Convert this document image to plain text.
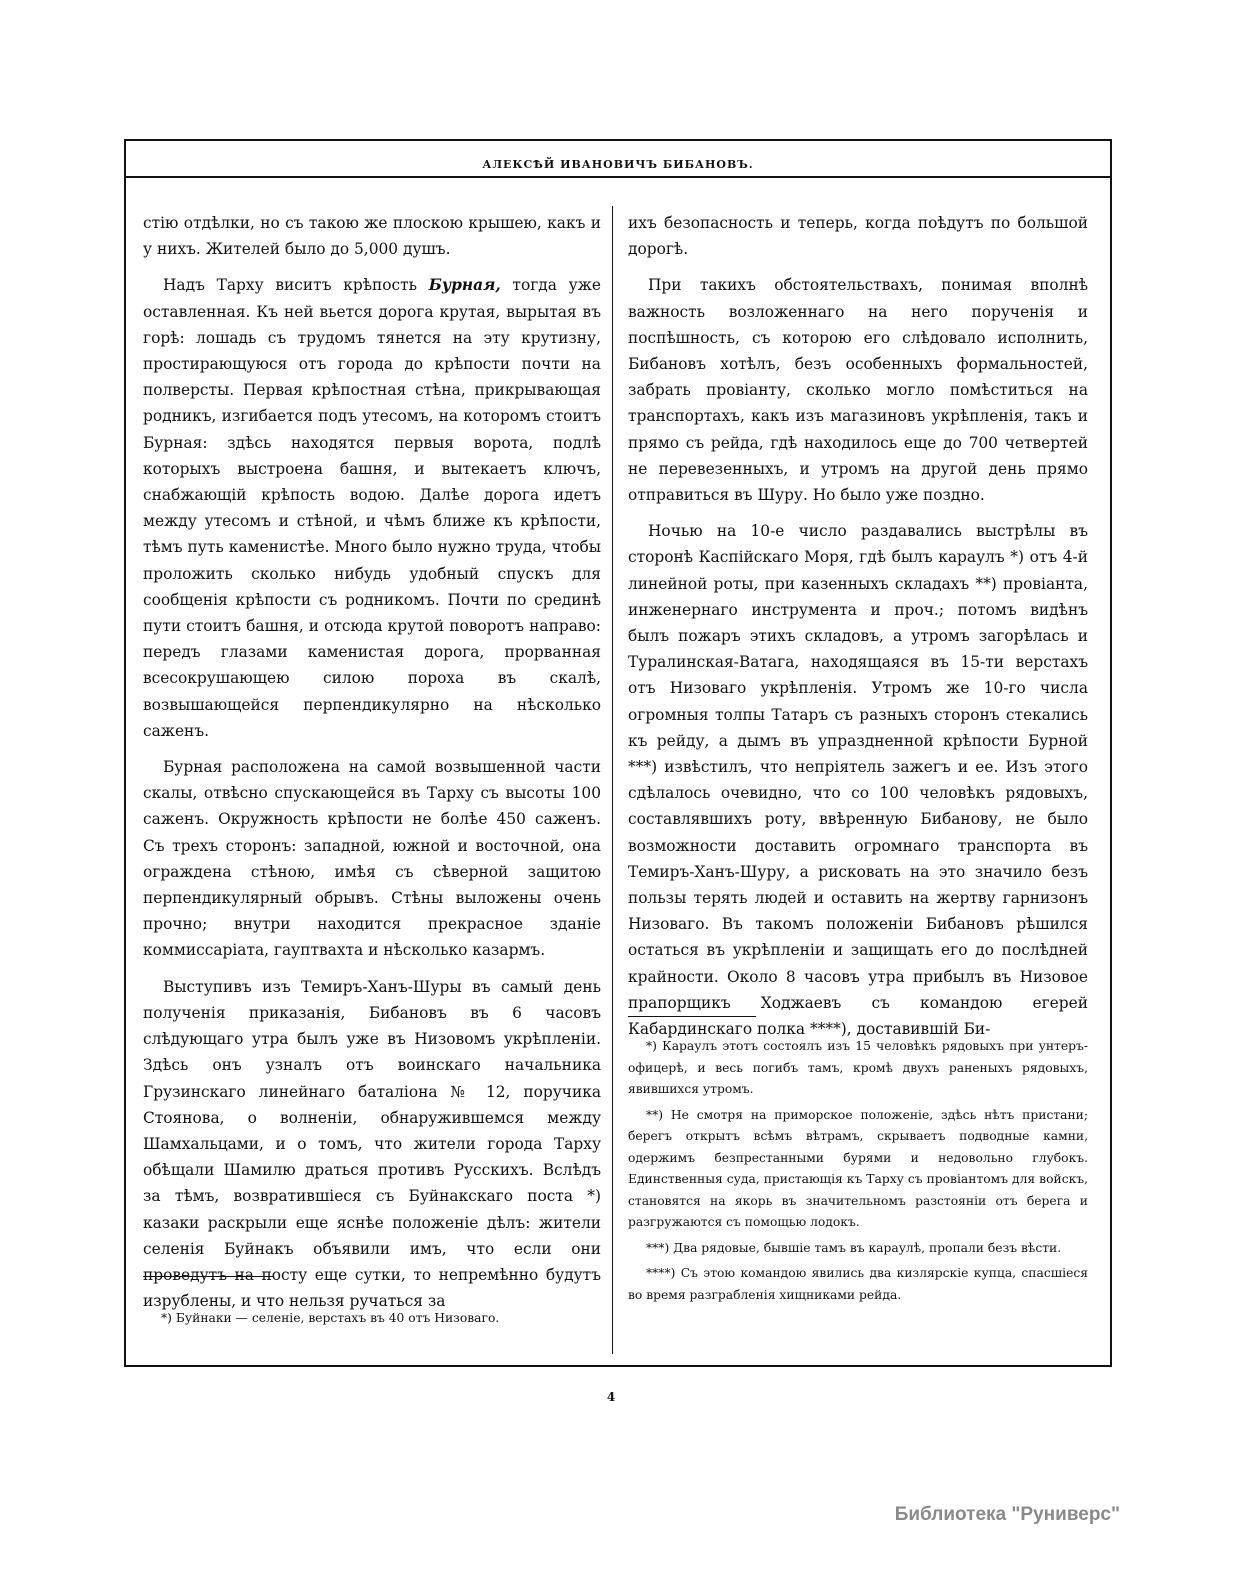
АЛЕКСѢЙ ИВАНОВИЧЪ БИБАНОВЪ.

стію отдѣлки, но съ такою же плоскою крышею, какъ и у нихъ. Жителей было до 5,000 душъ.

Надъ Тарху виситъ крѣпость Бурная, тогда уже оставленная. Къ ней вьется дорога крутая, вырытая въ горѣ: лошадь съ трудомъ тянется на эту крутизну, простирающуюся отъ города до крѣпости почти на полверсты. Первая крѣпостная стѣна, прикрывающая родникъ, изгибается подъ утесомъ, на которомъ стоитъ Бурная: здѣсь находятся первыя ворота, подлѣ которыхъ выстроена башня, и вытекаетъ ключъ, снабжающій крѣпость водою. Далѣе дорога идетъ между утесомъ и стѣной, и чѣмъ ближе къ крѣпости, тѣмъ путь каменистѣе. Много было нужно труда, чтобы проложить сколько нибудь удобный спускъ для сообщенія крѣпости съ родникомъ. Почти по срединѣ пути стоитъ башня, и отсюда крутой поворотъ направо: передъ глазами каменистая дорога, прорванная всесокрушающею силою пороха въ скалѣ, возвышающейся перпендикулярно на нѣсколько саженъ.

Бурная расположена на самой возвышенной части скалы, отвѣсно спускающейся въ Тарху съ высоты 100 саженъ. Окружность крѣпости не болѣе 450 саженъ. Съ трехъ сторонъ: западной, южной и восточной, она ограждена стѣною, имѣя съ сѣверной защитою перпендикулярный обрывъ. Стѣны выложены очень прочно; внутри находится прекрасное зданіе коммиссаріата, гауптвахта и нѣсколько казармъ.

Выступивъ изъ Темиръ-Ханъ-Шуры въ самый день полученія приказанія, Бибановъ въ 6 часовъ слѣдующаго утра былъ уже въ Низовомъ укрѣпленіи. Здѣсь онъ узналъ отъ воинскаго начальника Грузинскаго линейнаго баталіона № 12, поручика Стоянова, о волненіи, обнаружившемся между Шамхальцами, и о томъ, что жители города Тарху обѣщали Шамилю драться противъ Русскихъ. Вслѣдъ за тѣмъ, возвратившіеся съ Буйнакскаго поста *) казаки раскрыли еще яснѣе положеніе дѣлъ: жители селенія Буйнакъ объявили имъ, что если они проведутъ на посту еще сутки, то непремѣнно будутъ изрублены, и что нельзя ручаться за

ихъ безопасность и теперь, когда поѣдутъ по большой дорогѣ.

При такихъ обстоятельствахъ, понимая вполнѣ важность возложеннаго на него порученія и поспѣшность, съ которою его слѣдовало исполнить, Бибановъ хотѣлъ, безъ особенныхъ формальностей, забрать провіанту, сколько могло помѣститься на транспортахъ, какъ изъ магазиновъ укрѣпленія, такъ и прямо съ рейда, гдѣ находилось еще до 700 четвертей не перевезенныхъ, и утромъ на другой день прямо отправиться въ Шуру. Но было уже поздно.

Ночью на 10-е число раздавались выстрѣлы въ сторонѣ Каспійскаго Моря, гдѣ былъ караулъ *) отъ 4-й линейной роты, при казенныхъ складахъ **) провіанта, инженернаго инструмента и проч.; потомъ видѣнъ былъ пожаръ этихъ складовъ, а утромъ загорѣлась и Туралинская-Ватага, находящаяся въ 15-ти верстахъ отъ Низоваго укрѣпленія. Утромъ же 10-го числа огромныя толпы Татаръ съ разныхъ сторонъ стекались къ рейду, а дымъ въ упраздненной крѣпости Бурной ***) извѣстилъ, что непріятель зажегъ и ее. Изъ этого сдѣлалось очевидно, что со 100 человѣкъ рядовыхъ, составлявшихъ роту, ввѣренную Бибанову, не было возможности доставить огромнаго транспорта въ Темиръ-Ханъ-Шуру, а рисковать на это значило безъ пользы терять людей и оставить на жертву гарнизонъ Низоваго. Въ такомъ положеніи Бибановъ рѣшился остаться въ укрѣпленіи и защищать его до послѣдней крайности. Около 8 часовъ утра прибылъ въ Низовое прапорщикъ Ходжаевъ съ командою егерей Кабардинскаго полка ****), доставившій Би-

*) Буйнаки — селеніе, верстахъ въ 40 отъ Низоваго.

*) Караулъ этотъ состоялъ изъ 15 человѣкъ рядовыхъ при унтеръ-офицерѣ, и весь погибъ тамъ, кромѣ двухъ раненыхъ рядовыхъ, явившихся утромъ.

**) Не смотря на приморское положеніе, здѣсь нѣтъ пристани; берегъ открытъ всѣмъ вѣтрамъ, скрываетъ подводные камни, одержимъ безпрестанными бурями и недовольно глубокъ. Единственныя суда, пристающія къ Тарху съ провіантомъ для войскъ, становятся на якорь въ значительномъ разстояніи отъ берега и разгружаются съ помощью лодокъ.

***) Два рядовые, бывшіе тамъ въ караулѣ, пропали безъ вѣсти.

****) Съ этою командою явились два кизлярскіе купца, спасшіеся во время разграбленія хищниками рейда.

4
Библиотека "Руниверс"
